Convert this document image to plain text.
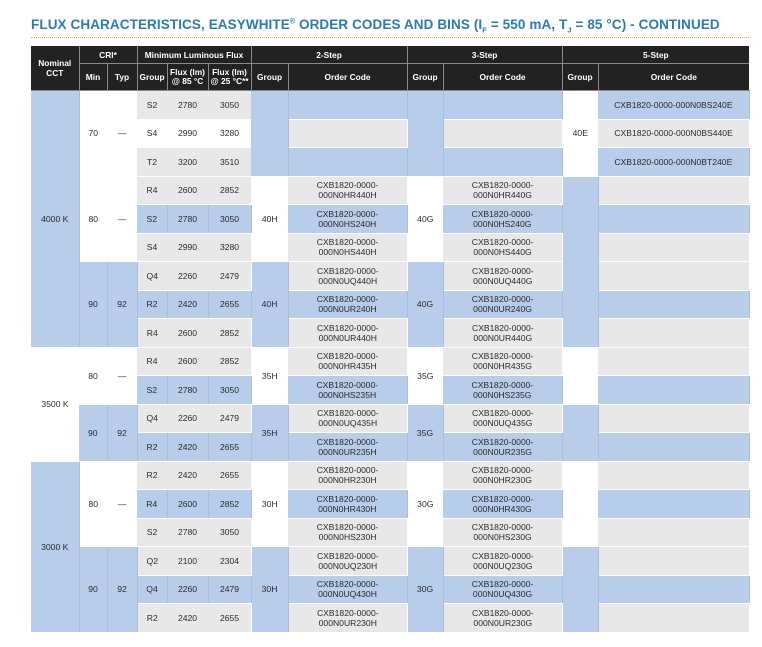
FLUX CHARACTERISTICS, EASYWHITE® ORDER CODES AND BINS ($I_F = 550$ mA, $T_J = 85$ °C) - CONTINUED
Nominal CCT	CRI*		Minimum Luminous Flux			2-Step		3-Step		5-Step	
	Min	Typ	Group	Flux (lm)
@ 85 °C	Flux (lm)
@ 25 °C**	Group	Order Code	Group	Order Code	Group	Order Code
4000 K	70	—	S2	2780	3050					40E	CXB1820-0000-000N0BS240E
			S4	2990	3280						CXB1820-0000-000N0BS440E
			T2	3200	3510						CXB1820-0000-000N0BT240E
	80	—	R4	2600	2852	40H	CXB1820-0000-000N0HR440H	40G	CXB1820-0000-000N0HR440G		
			S2	2780	3050		CXB1820-0000-000N0HS240H		CXB1820-0000-000N0HS240G		
			S4	2990	3280		CXB1820-0000-000N0HS440H		CXB1820-0000-000N0HS440G		
	90	92	Q4	2260	2479	40H	CXB1820-0000-000N0UQ440H	40G	CXB1820-0000-000N0UQ440G		
			R2	2420	2655		CXB1820-0000-000N0UR240H		CXB1820-0000-000N0UR240G		
			R4	2600	2852		CXB1820-0000-000N0UR440H		CXB1820-0000-000N0UR440G		
3500 K	80	—	R4	2600	2852	35H	CXB1820-0000-000N0HR435H	35G	CXB1820-0000-000N0HR435G		
			S2	2780	3050		CXB1820-0000-000N0HS235H		CXB1820-0000-000N0HS235G		
	90	92	Q4	2260	2479	35H	CXB1820-0000-000N0UQ435H	35G	CXB1820-0000-000N0UQ435G		
			R2	2420	2655		CXB1820-0000-000N0UR235H		CXB1820-0000-000N0UR235G		
3000 K	80	—	R2	2420	2655	30H	CXB1820-0000-000N0HR230H	30G	CXB1820-0000-000N0HR230G		
			R4	2600	2852		CXB1820-0000-000N0HR430H		CXB1820-0000-000N0HR430G		
			S2	2780	3050		CXB1820-0000-000N0HS230H		CXB1820-0000-000N0HS230G		
	90	92	Q2	2100	2304	30H	CXB1820-0000-000N0UQ230H	30G	CXB1820-0000-000N0UQ230G		
			Q4	2260	2479		CXB1820-0000-000N0UQ430H		CXB1820-0000-000N0UQ430G		
			R2	2420	2655		CXB1820-0000-000N0UR230H		CXB1820-0000-000N0UR230G		
